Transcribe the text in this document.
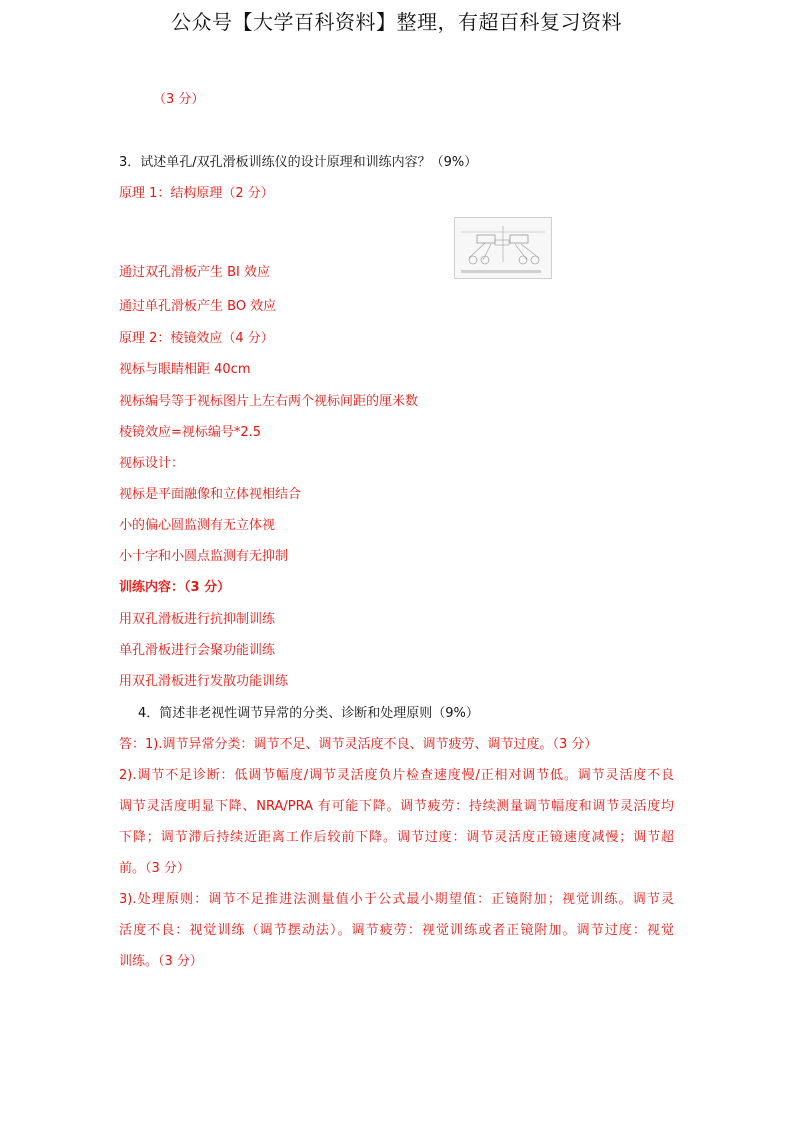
公众号【大学百科资料】整理，有超百科复习资料
（3 分）
3．试述单孔/双孔滑板训练仪的设计原理和训练内容？（9%）
原理 1：结构原理（2 分）
通过双孔滑板产生 BI 效应
通过单孔滑板产生 BO 效应
原理 2：棱镜效应（4 分）
视标与眼睛相距 40cm
视标编号等于视标图片上左右两个视标间距的厘米数
棱镜效应=视标编号*2.5
视标设计：
视标是平面融像和立体视相结合
小的偏心圆监测有无立体视
小十字和小圆点监测有无抑制
训练内容：（3 分）
用双孔滑板进行抗抑制训练
单孔滑板进行会聚功能训练
用双孔滑板进行发散功能训练
4．简述非老视性调节异常的分类、诊断和处理原则（9%）
答：1).调节异常分类：调节不足、调节灵活度不良、调节疲劳、调节过度。（3 分）
2).调节不足诊断：低调节幅度/调节灵活度负片检查速度慢/正相对调节低。调节灵活度不良
调节灵活度明显下降、NRA/PRA 有可能下降。调节疲劳：持续测量调节幅度和调节灵活度均
下降；调节滞后持续近距离工作后较前下降。调节过度：调节灵活度正镜速度减慢；调节超
前。（3 分）
3).处理原则：调节不足推进法测量值小于公式最小期望值：正镜附加；视觉训练。调节灵
活度不良：视觉训练（调节摆动法）。调节疲劳：视觉训练或者正镜附加。调节过度：视觉
训练。（3 分）
